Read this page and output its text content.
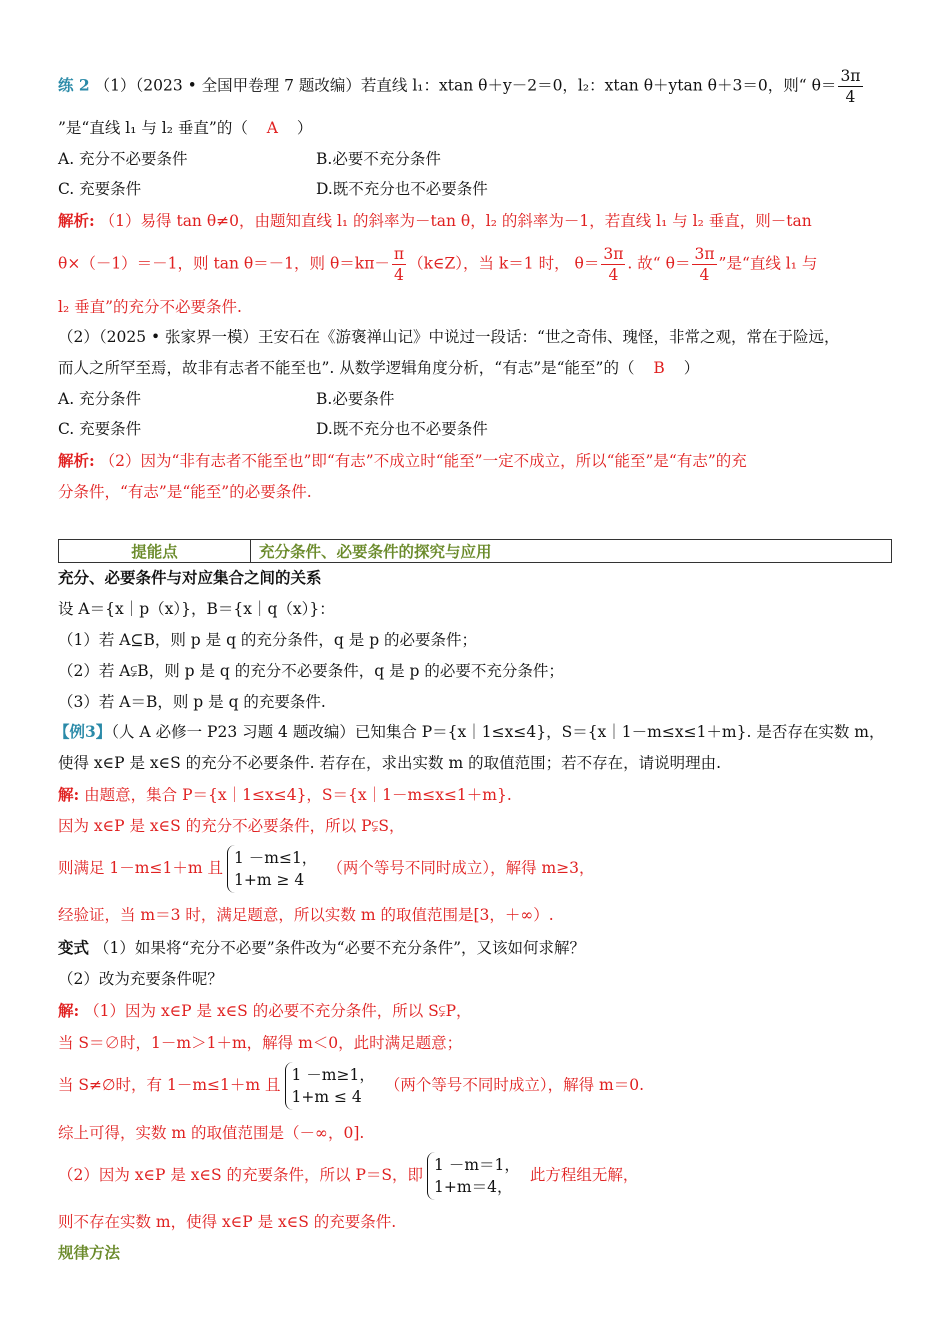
练 2 （1）（2023 • 全国甲卷理 7 题改编）若直线 l₁：xtan θ＋y－2＝0，l₂：xtan θ＋ytan θ＋3＝0，则“ $\theta= \frac{3\pi}{4}$
”是“直线 l₁ 与 l₂ 垂直”的（ A ）
A. 充分不必要条件	B.必要不充分条件
C. 充要条件	D.既不充分也不必要条件
解析: （1）易得 tan θ≠0，由题知直线 l₁ 的斜率为－tan θ，l₂ 的斜率为－1，若直线 l₁ 与 l₂ 垂直，则－tan
θ×（－1）＝－1，则 tan θ＝－1，则 $\theta=k\pi- \frac{\pi}{4}$ （k∈Z），当 k＝1 时， $\theta= \frac{3\pi}{4}$ . 故“ $\theta= \frac{3\pi}{4}$ ”是“直线 l₁ 与
l₂ 垂直”的充分不必要条件.
（2）（2025 • 张家界一模）王安石在《游褒禅山记》中说过一段话：“世之奇伟、瑰怪，非常之观，常在于险远，
而人之所罕至焉，故非有志者不能至也”. 从数学逻辑角度分析，“有志”是“能至”的（ B ）
A. 充分条件	B.必要条件
C. 充要条件	D.既不充分也不必要条件
解析: （2）因为“非有志者不能至也”即“有志”不成立时“能至”一定不成立，所以“能至”是“有志”的充
分条件，“有志”是“能至”的必要条件.
提能点	充分条件、必要条件的探究与应用
充分、必要条件与对应集合之间的关系
设 A＝{x｜p（x）}，B＝{x｜q（x）}：
（1）若 A⊆B，则 p 是 q 的充分条件，q 是 p 的必要条件；
（2）若 A⫋B，则 p 是 q 的充分不必要条件，q 是 p 的必要不充分条件；
（3）若 A＝B，则 p 是 q 的充要条件.
【例3】（人 A 必修一 P23 习题 4 题改编）已知集合 P＝{x｜1≤x≤4}，S＝{x｜1－m≤x≤1＋m}. 是否存在实数 m，
使得 x∈P 是 x∈S 的充分不必要条件. 若存在，求出实数 m 的取值范围；若不存在，请说明理由.
解: 由题意，集合 P＝{x｜1≤x≤4}，S＝{x｜1－m≤x≤1＋m}.
因为 x∈P 是 x∈S 的充分不必要条件，所以 P⫋S，
则满足 1－m≤1＋m 且
1 －m≤1，
1+m ≥ 4
（两个等号不同时成立），解得 m≥3，
经验证，当 m＝3 时，满足题意，所以实数 m 的取值范围是[3，＋∞）.
变式 （1）如果将“充分不必要”条件改为“必要不充分条件”，又该如何求解？
（2）改为充要条件呢？
解: （1）因为 x∈P 是 x∈S 的必要不充分条件，所以 S⫋P，
当 S＝∅时，1－m＞1＋m，解得 m＜0，此时满足题意；
当 S≠∅时，有 1－m≤1＋m 且
1 －m≥1，
1+m ≤ 4
（两个等号不同时成立），解得 m＝0.
综上可得，实数 m 的取值范围是（－∞，0].
（2）因为 x∈P 是 x∈S 的充要条件，所以 P＝S，即
1 －m＝1，
1+m＝4，
此方程组无解，
则不存在实数 m，使得 x∈P 是 x∈S 的充要条件.
规律方法
